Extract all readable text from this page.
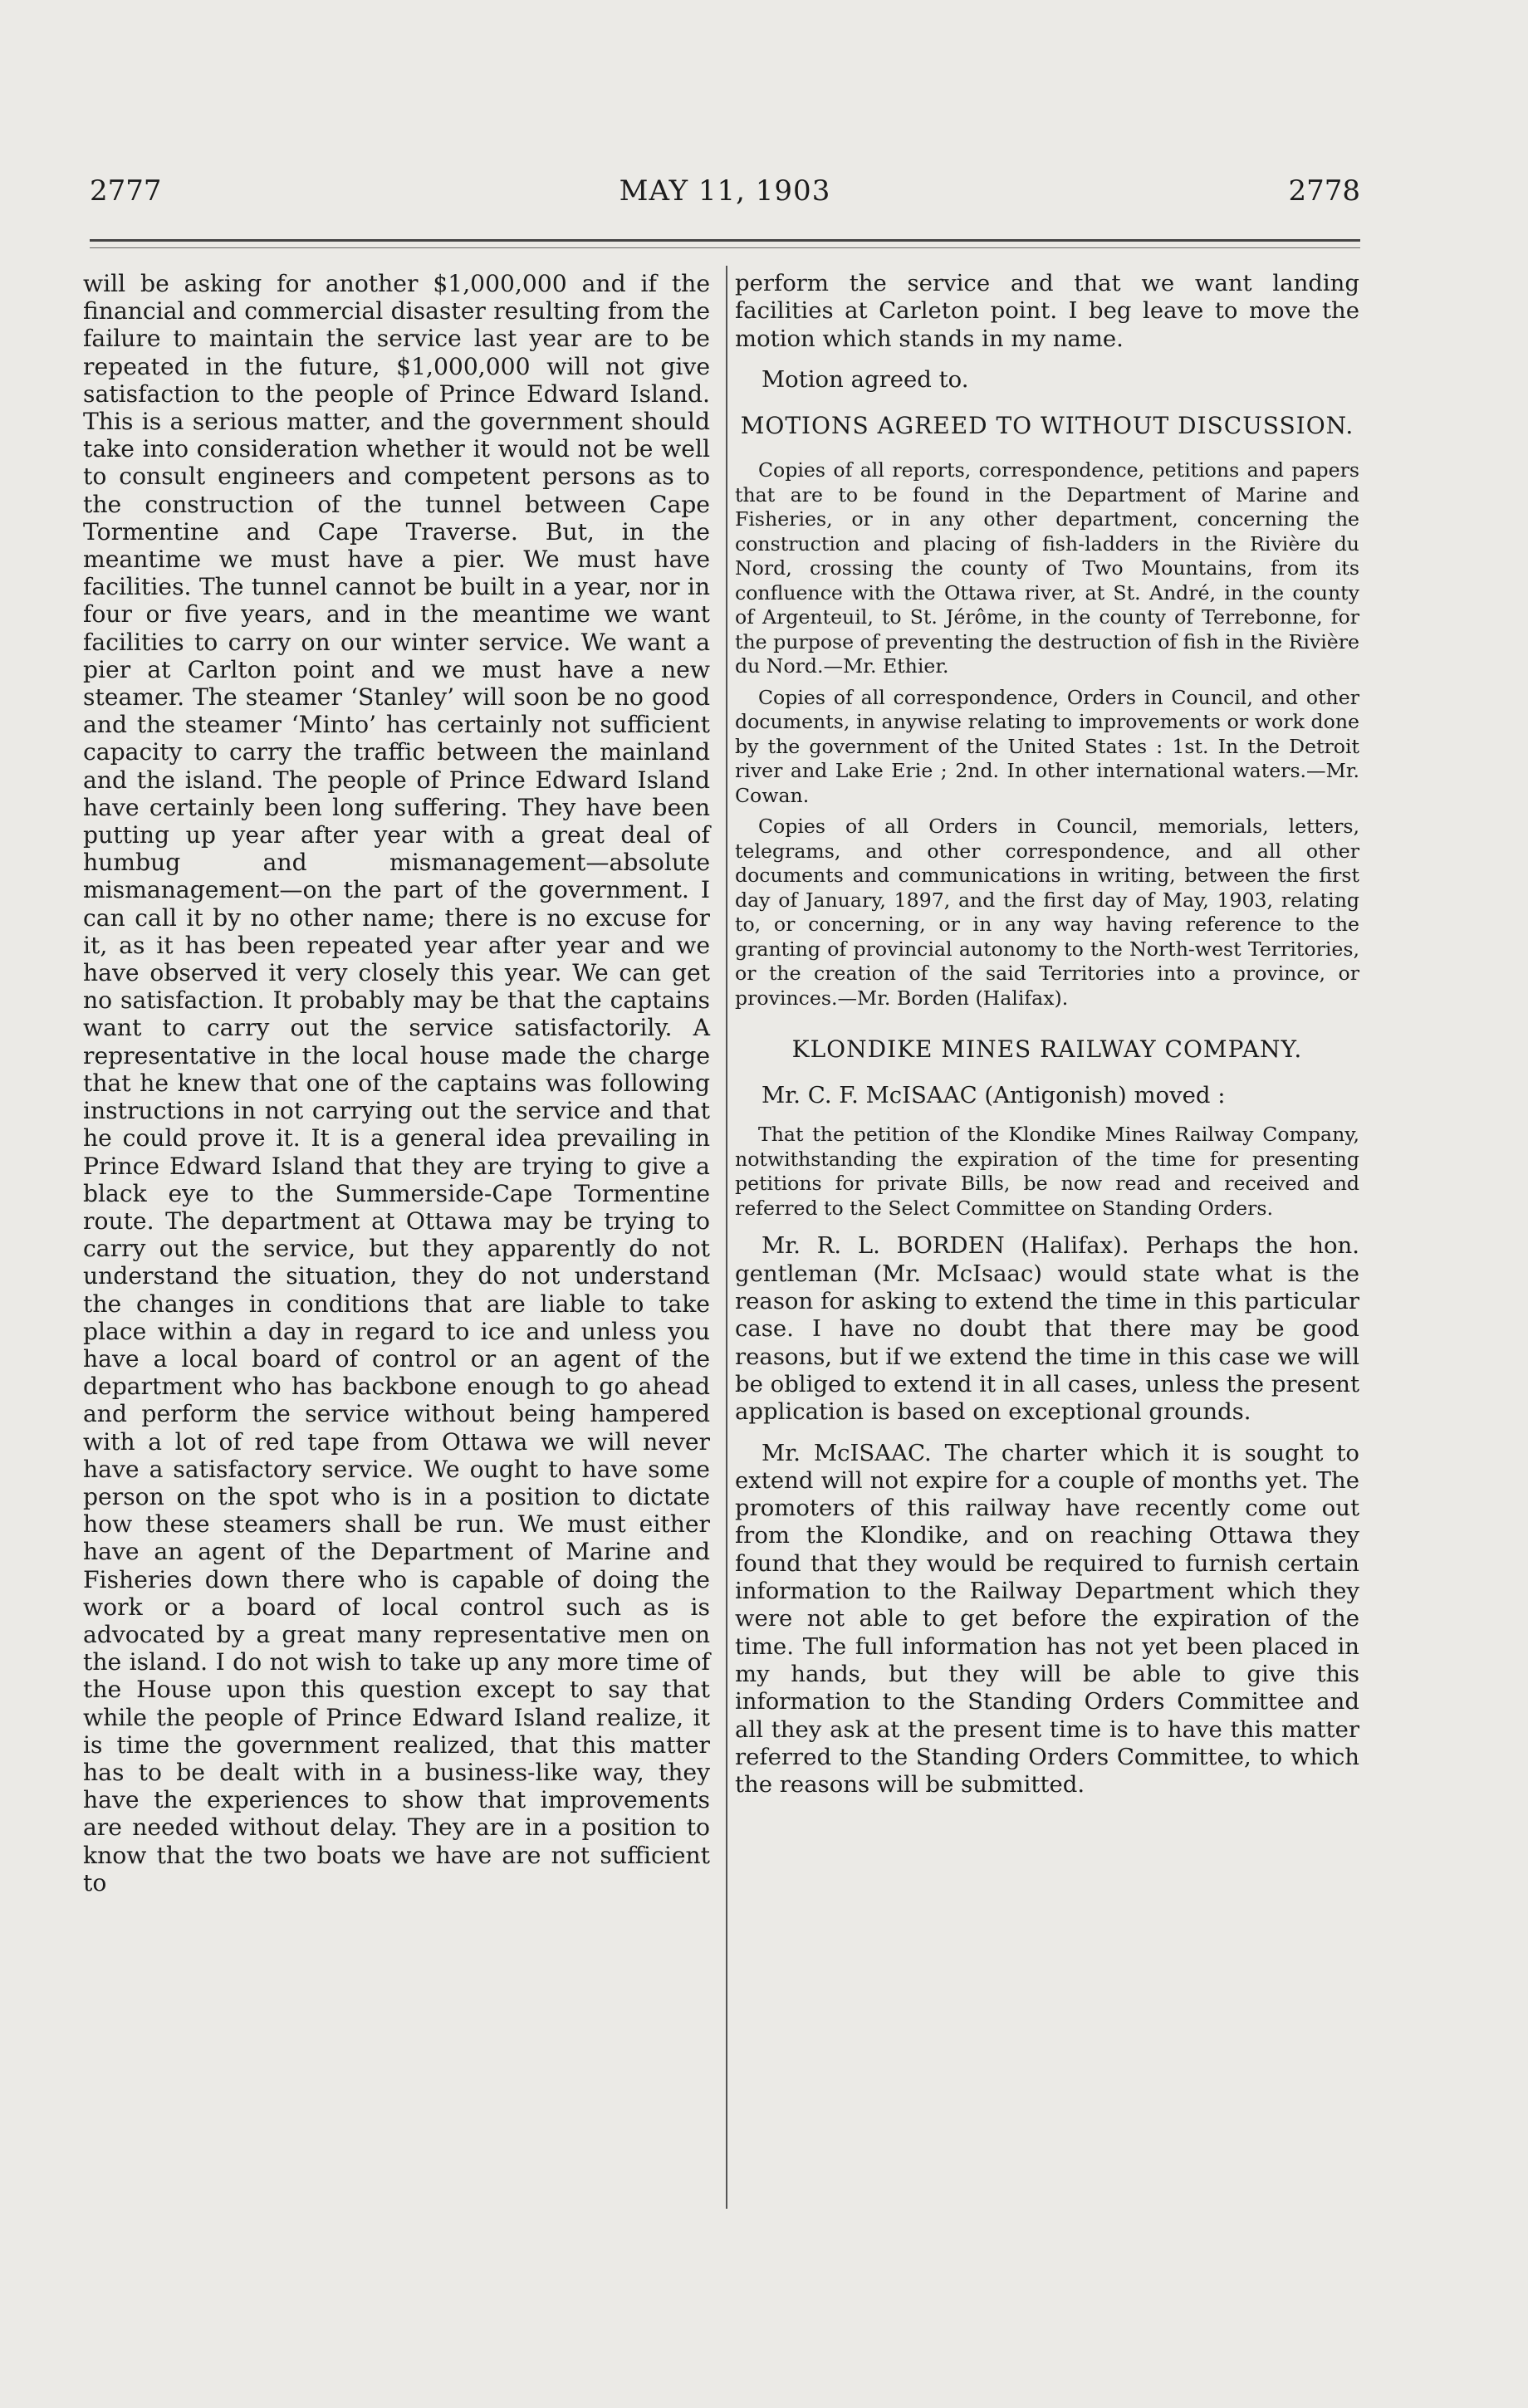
2777	MAY 11, 1903	2778

will be asking for another $1,000,000 and if the financial and commercial disaster resulting from the failure to maintain the service last year are to be repeated in the future, $1,000,000 will not give satisfaction to the people of Prince Edward Island. This is a serious matter, and the government should take into consideration whether it would not be well to consult engineers and competent persons as to the construction of the tunnel between Cape Tormentine and Cape Traverse. But, in the meantime we must have a pier. We must have facilities. The tunnel cannot be built in a year, nor in four or five years, and in the meantime we want facilities to carry on our winter service. We want a pier at Carlton point and we must have a new steamer. The steamer ‘Stanley’ will soon be no good and the steamer ‘Minto’ has certainly not sufficient capacity to carry the traffic between the mainland and the island. The people of Prince Edward Island have certainly been long suffering. They have been putting up year after year with a great deal of humbug and mismanagement—absolute mismanagement—on the part of the government. I can call it by no other name; there is no excuse for it, as it has been repeated year after year and we have observed it very closely this year. We can get no satisfaction. It probably may be that the captains want to carry out the service satisfactorily. A representative in the local house made the charge that he knew that one of the captains was following instructions in not carrying out the service and that he could prove it. It is a general idea prevailing in Prince Edward Island that they are trying to give a black eye to the Summerside-Cape Tormentine route. The department at Ottawa may be trying to carry out the service, but they apparently do not understand the situation, they do not understand the changes in conditions that are liable to take place within a day in regard to ice and unless you have a local board of control or an agent of the department who has backbone enough to go ahead and perform the service without being hampered with a lot of red tape from Ottawa we will never have a satisfactory service. We ought to have some person on the spot who is in a position to dictate how these steamers shall be run. We must either have an agent of the Department of Marine and Fisheries down there who is capable of doing the work or a board of local control such as is advocated by a great many representative men on the island. I do not wish to take up any more time of the House upon this question except to say that while the people of Prince Edward Island realize, it is time the government realized, that this matter has to be dealt with in a business-like way, they have the experiences to show that improvements are needed without delay. They are in a position to know that the two boats we have are not sufficient to

perform the service and that we want landing facilities at Carleton point. I beg leave to move the motion which stands in my name.

Motion agreed to.

MOTIONS AGREED TO WITHOUT DISCUSSION.

Copies of all reports, correspondence, petitions and papers that are to be found in the Department of Marine and Fisheries, or in any other department, concerning the construction and placing of fish-ladders in the Rivière du Nord, crossing the county of Two Mountains, from its confluence with the Ottawa river, at St. André, in the county of Argenteuil, to St. Jérôme, in the county of Terrebonne, for the purpose of preventing the destruction of fish in the Rivière du Nord.—Mr. Ethier.

Copies of all correspondence, Orders in Council, and other documents, in anywise relating to improvements or work done by the government of the United States : 1st. In the Detroit river and Lake Erie ; 2nd. In other international waters.—Mr. Cowan.

Copies of all Orders in Council, memorials, letters, telegrams, and other correspondence, and all other documents and communications in writing, between the first day of January, 1897, and the first day of May, 1903, relating to, or concerning, or in any way having reference to the granting of provincial autonomy to the North-west Territories, or the creation of the said Territories into a province, or provinces.—Mr. Borden (Halifax).

KLONDIKE MINES RAILWAY COMPANY.

Mr. C. F. McISAAC (Antigonish) moved :

That the petition of the Klondike Mines Railway Company, notwithstanding the expiration of the time for presenting petitions for private Bills, be now read and received and referred to the Select Committee on Standing Orders.

Mr. R. L. BORDEN (Halifax). Perhaps the hon. gentleman (Mr. McIsaac) would state what is the reason for asking to extend the time in this particular case. I have no doubt that there may be good reasons, but if we extend the time in this case we will be obliged to extend it in all cases, unless the present application is based on exceptional grounds.

Mr. McISAAC. The charter which it is sought to extend will not expire for a couple of months yet. The promoters of this railway have recently come out from the Klondike, and on reaching Ottawa they found that they would be required to furnish certain information to the Railway Department which they were not able to get before the expiration of the time. The full information has not yet been placed in my hands, but they will be able to give this information to the Standing Orders Committee and all they ask at the present time is to have this matter referred to the Standing Orders Committee, to which the reasons will be submitted.
